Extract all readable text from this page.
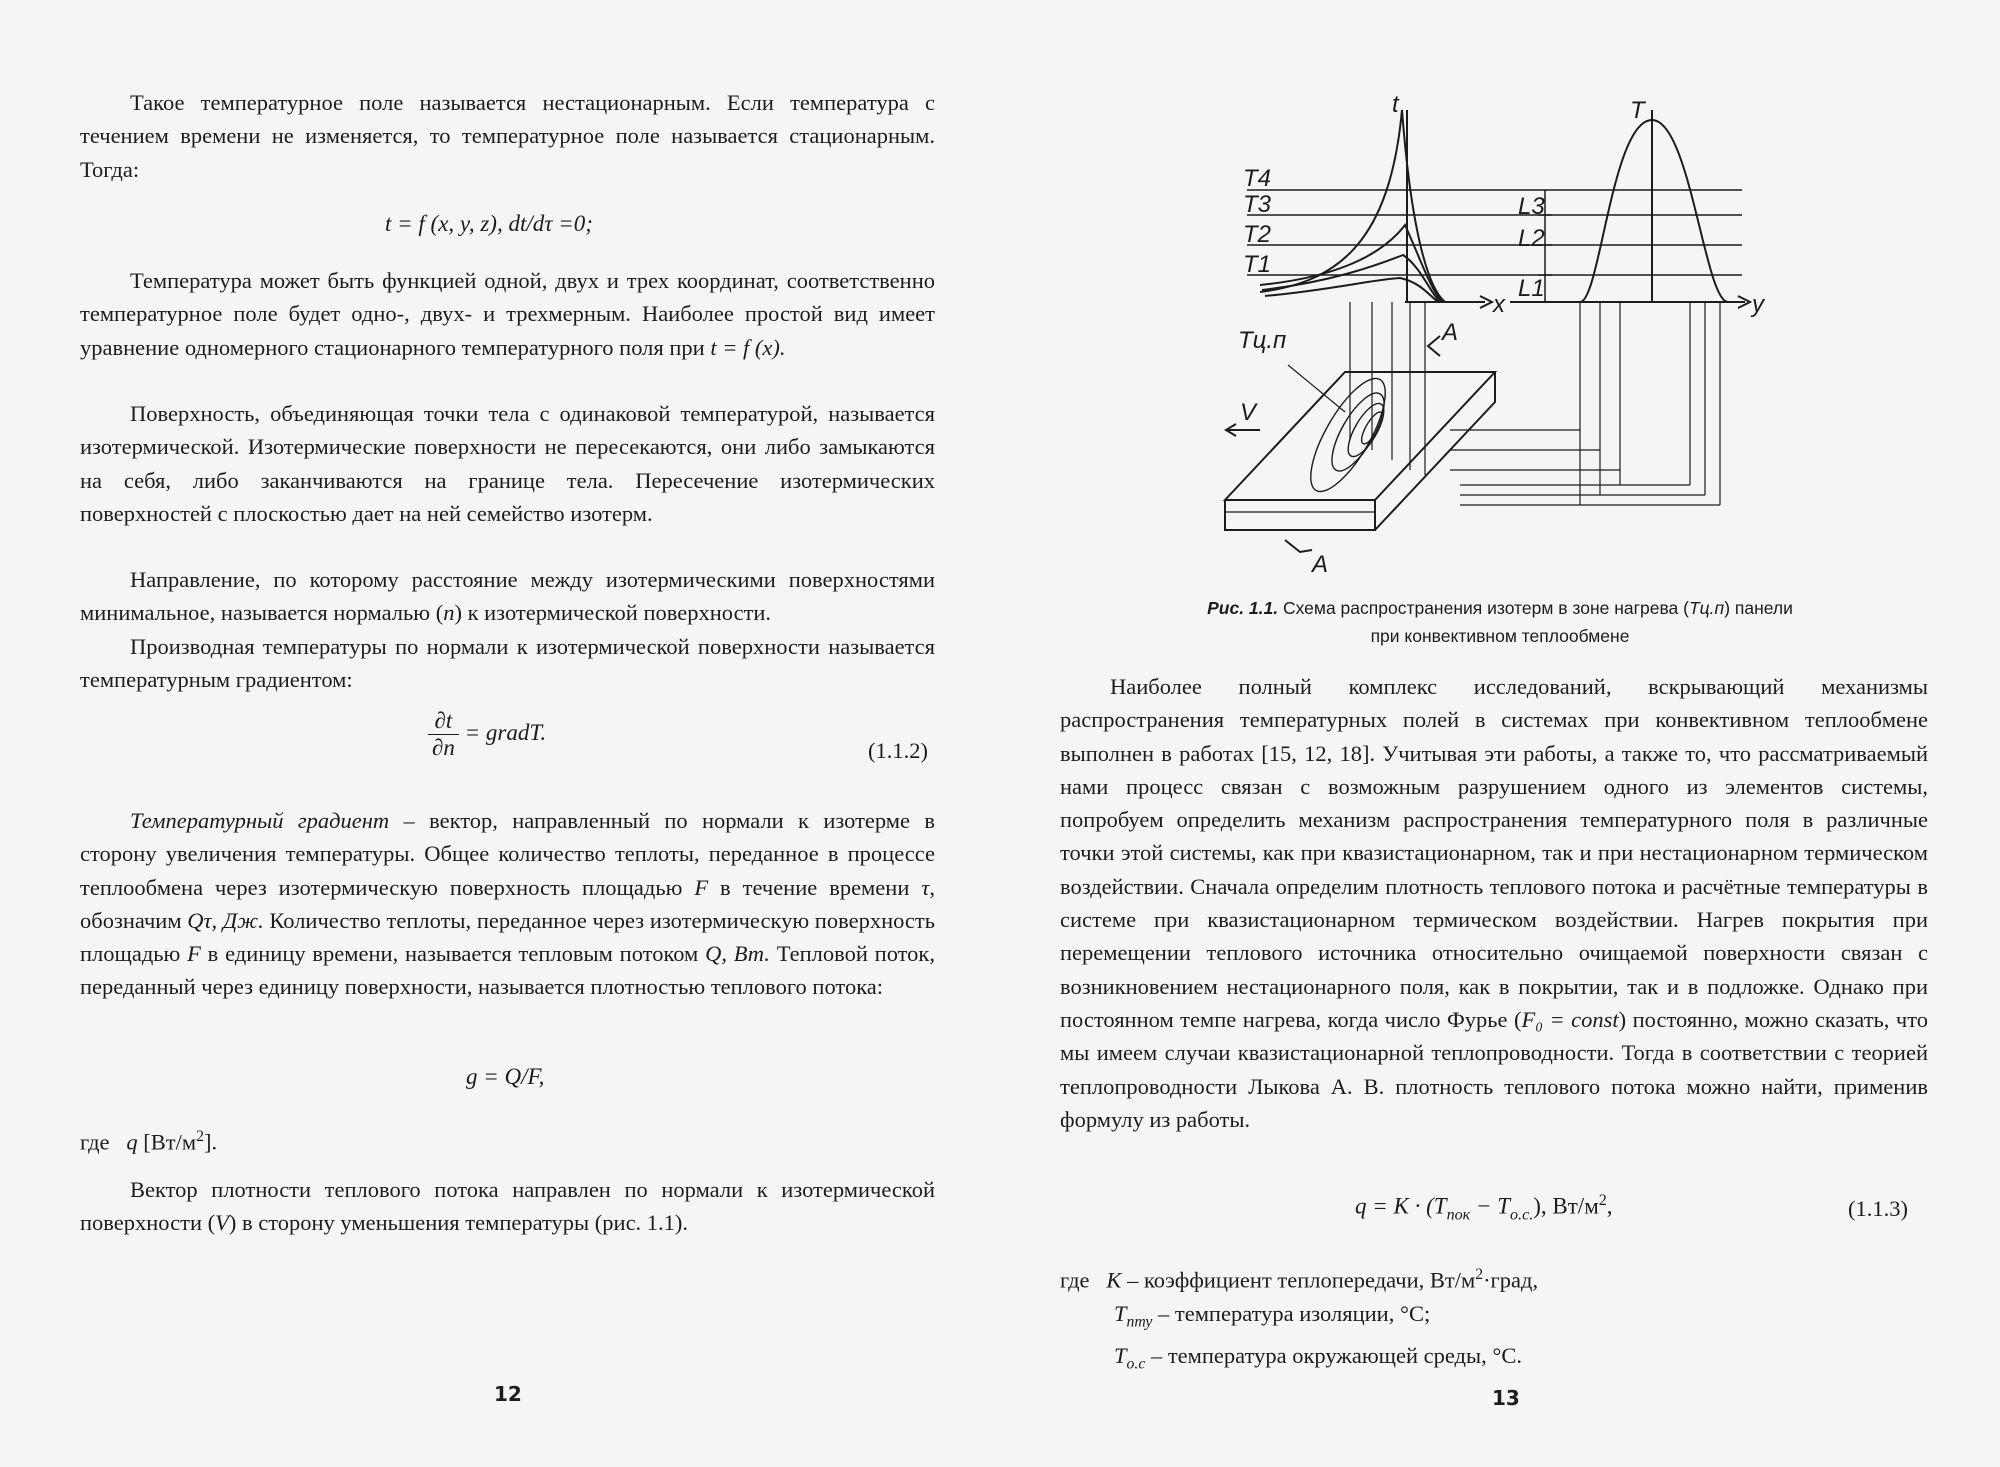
Такое температурное поле называется нестационарным. Если температура с течением времени не изменяется, то температурное поле называется стационарным. Тогда:

t = f (x, y, z), dt/dτ =0;

Температура может быть функцией одной, двух и трех координат, соответственно температурное поле будет одно-, двух- и трехмерным. Наиболее простой вид имеет уравнение одномерного стационарного температурного поля при t = f (x).

Поверхность, объединяющая точки тела с одинаковой температурой, называется изотермической. Изотермические поверхности не пересекаются, они либо замыкаются на себя, либо заканчиваются на границе тела. Пересечение изотермических поверхностей с плоскостью дает на ней семейство изотерм.

Направление, по которому расстояние между изотермическими поверхностями минимальное, называется нормалью (n) к изотермической поверхности.

Производная температуры по нормали к изотермической поверхности называется температурным градиентом:

$\frac{\partial t}{\partial n}$ = gradT.
(1.1.2)

Температурный градиент – вектор, направленный по нормали к изотерме в сторону увеличения температуры. Общее количество теплоты, переданное в процессе теплообмена через изотермическую поверхность площадью F в течение времени τ, обозначим Qτ, Дж. Количество теплоты, переданное через изотермическую поверхность площадью F в единицу времени, называется тепловым потоком Q, Вт. Тепловой поток, переданный через единицу поверхности, называется плотностью теплового потока:

g = Q/F,
где q $[Вт/м^2]$.

Вектор плотности теплового потока направлен по нормали к изотермической поверхности (V) в сторону уменьшения температуры (рис. 1.1).

12
t	T
T4
T3
T2
T1
L1
L2
L3
x	y
Tц.п	A
A
V
Рис. 1.1. Схема распространения изотерм в зоне нагрева (Tц.п) панели
при конвективном теплообмене

Наиболее полный комплекс исследований, вскрывающий механизмы распространения температурных полей в системах при конвективном теплообмене выполнен в работах [15, 12, 18]. Учитывая эти работы, а также то, что рассматриваемый нами процесс связан с возможным разрушением одного из элементов системы, попробуем определить механизм распространения температурного поля в различные точки этой системы, как при квазистационарном, так и при нестационарном термическом воздействии. Сначала определим плотность теплового потока и расчётные температуры в системе при квазистационарном термическом воздействии. Нагрев покрытия при перемещении теплового источника относительно очищаемой поверхности связан с возникновением нестационарного поля, как в покрытии, так и в подложке. Однако при постоянном темпе нагрева, когда число Фурье (F₀ = const) постоянно, можно сказать, что мы имеем случаи квазистационарной теплопроводности. Тогда в соответствии с теорией теплопроводности Лыкова А. В. плотность теплового потока можно найти, применив формулу из работы.

$q = K \cdot (T_{пок} - T_{о.с.})$, $Вт/м^2$,	(1.1.3)
где K – коэффициент теплопередачи, $Вт/м^2\cdot град$,
$T_{пту}$ – температура изоляции, °С;
$T_{о.с}$ – температура окружающей среды, °С.
13
